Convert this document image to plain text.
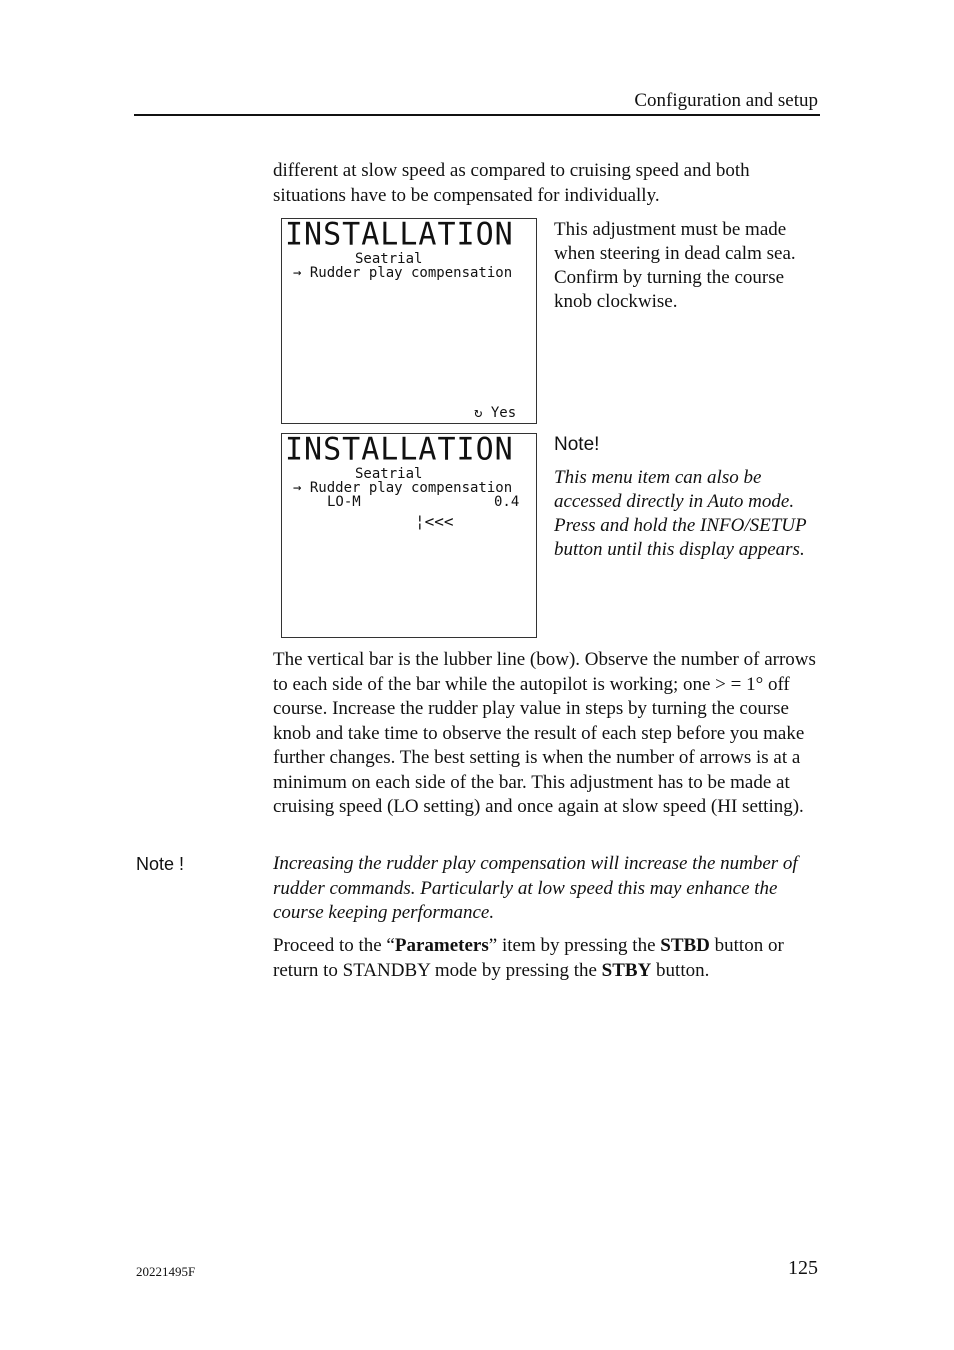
Configuration and setup
different at slow speed as compared to cruising speed and both situations have to be compensated for individually.
INSTALLATION
Seatrial
→ Rudder play compensation
↻ Yes
This adjustment must be made when steering in dead calm sea. Confirm by turning the course knob clockwise.
INSTALLATION
Seatrial
→ Rudder play compensation
LO-M	0.4
¦<<<
Note!
This menu item can also be accessed directly in Auto mode. Press and hold the INFO/SETUP button until this display appears.
The vertical bar is the lubber line (bow). Observe the number of arrows to each side of the bar while the autopilot is working; one > = 1° off course. Increase the rudder play value in steps by turning the course knob and take time to observe the result of each step before you make further changes. The best setting is when the number of arrows is at a minimum on each side of the bar. This adjustment has to be made at cruising speed (LO setting) and once again at slow speed (HI setting).
Note !	Increasing the rudder play compensation will increase the number of rudder commands. Particularly at low speed this may enhance the course keeping performance.
Proceed to the “Parameters” item by pressing the STBD button or return to STANDBY mode by pressing the STBY button.
20221495F	125
